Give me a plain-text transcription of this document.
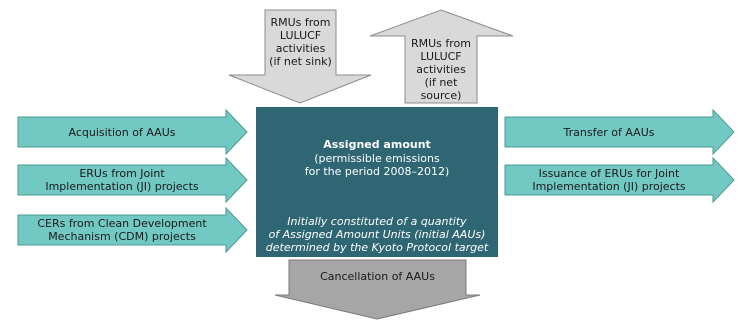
RMUs from
LULUCF
activities
(if net sink)
RMUs from
LULUCF
activities
(if net source)
Acquisition of AAUs
ERUs from Joint
Implementation (JI) projects
CERs from Clean Development
Mechanism (CDM) projects
Transfer of AAUs
Issuance of ERUs for Joint
Implementation (JI) projects
Assigned amount
(permissible emissions
for the period 2008–2012)
Initially constituted of a quantity
of Assigned Amount Units (initial AAUs)
determined by the Kyoto Protocol target
Cancellation of AAUs
